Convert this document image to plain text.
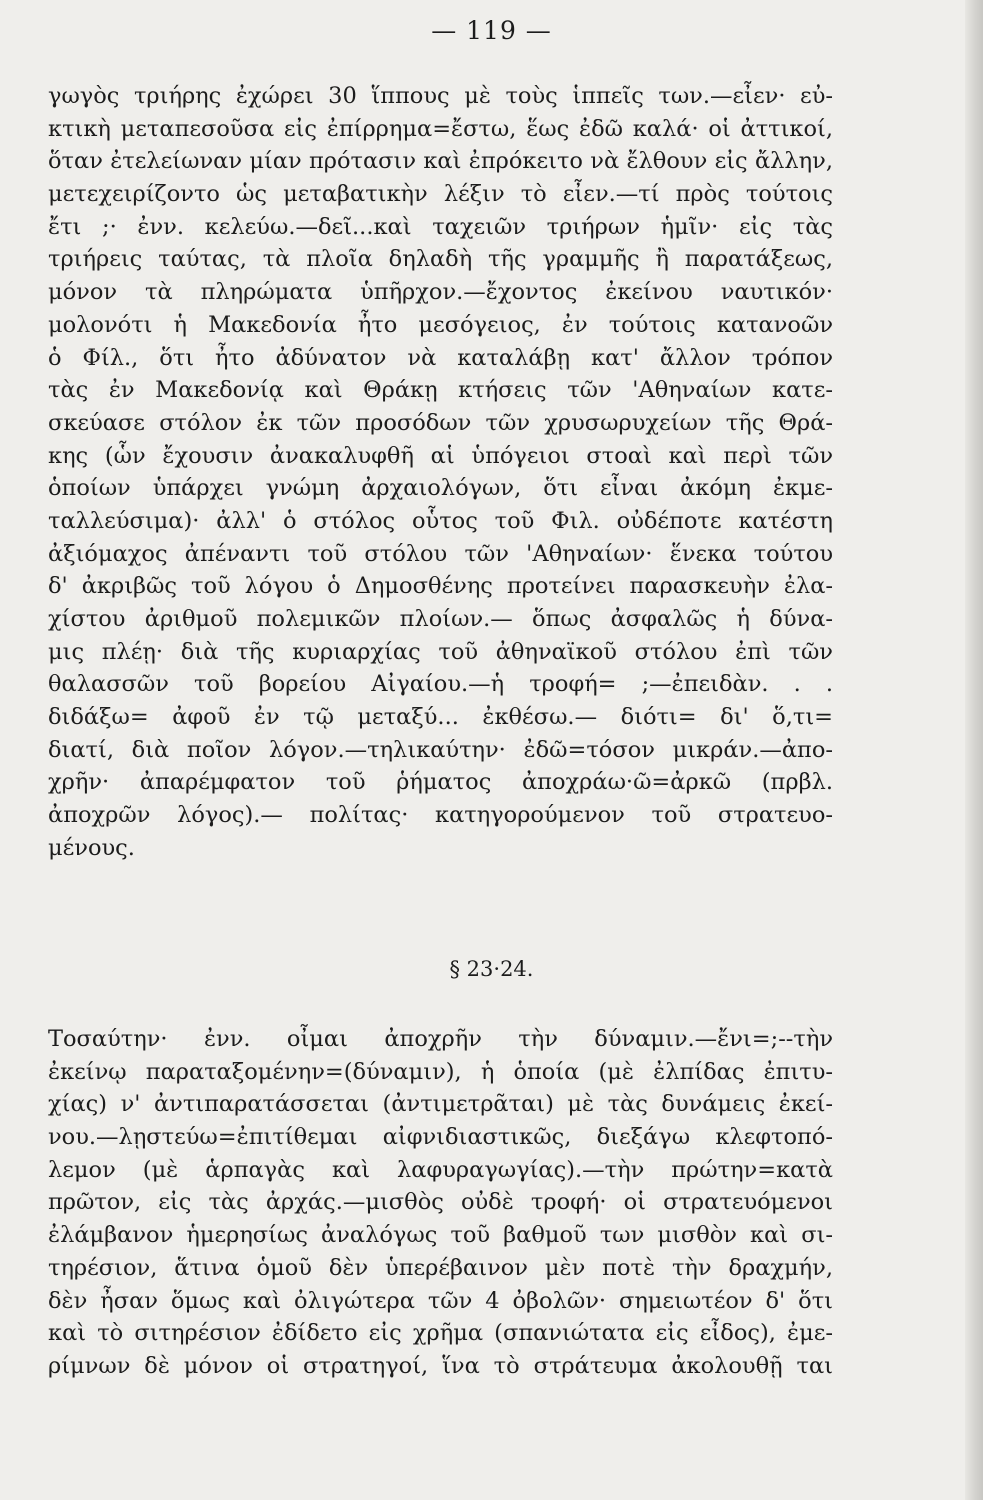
— 119 —
γωγὸς τριήρης ἐχώρει 30 ἵππους μὲ τοὺς ἱππεῖς των.—εἶεν· εὐ-
κτικὴ μεταπεσοῦσα εἰς ἐπίρρημα=ἔστω, ἕως ἐδῶ καλά· οἱ ἀττικοί,
ὅταν ἐτελείωναν μίαν πρότασιν καὶ ἐπρόκειτο νὰ ἔλθουν εἰς ἄλλην,
μετεχειρίζοντο ὡς μεταβατικὴν λέξιν τὸ εἶεν.—τί πρὸς τούτοις
ἔτι ;· ἐνν. κελεύω.—δεῖ...καὶ ταχειῶν τριήρων ἡμῖν· εἰς τὰς
τριήρεις ταύτας, τὰ πλοῖα δηλαδὴ τῆς γραμμῆς ἢ παρατάξεως,
μόνον τὰ πληρώματα ὑπῆρχον.—ἔχοντος ἐκείνου ναυτικόν·
μολονότι ἡ Μακεδονία ἦτο μεσόγειος, ἐν τούτοις κατανοῶν
ὁ Φίλ., ὅτι ἦτο ἀδύνατον νὰ καταλάβῃ κατ' ἄλλον τρόπον
τὰς ἐν Μακεδονίᾳ καὶ Θράκῃ κτήσεις τῶν 'Αθηναίων κατε-
σκεύασε στόλον ἐκ τῶν προσόδων τῶν χρυσωρυχείων τῆς Θρά-
κης (ὧν ἔχουσιν ἀνακαλυφθῆ αἱ ὑπόγειοι στοαὶ καὶ περὶ τῶν
ὁποίων ὑπάρχει γνώμη ἀρχαιολόγων, ὅτι εἶναι ἀκόμη ἐκμε-
ταλλεύσιμα)· ἀλλ' ὁ στόλος οὗτος τοῦ Φιλ. οὐδέποτε κατέστη
ἀξιόμαχος ἀπέναντι τοῦ στόλου τῶν 'Αθηναίων· ἕνεκα τούτου
δ' ἀκριβῶς τοῦ λόγου ὁ Δημοσθένης προτείνει παρασκευὴν ἐλα-
χίστου ἀριθμοῦ πολεμικῶν πλοίων.— ὅπως ἀσφαλῶς ἡ δύνα-
μις πλέῃ· διὰ τῆς κυριαρχίας τοῦ ἀθηναϊκοῦ στόλου ἐπὶ τῶν
θαλασσῶν τοῦ βορείου Αἰγαίου.—ἡ τροφή= ;—ἐπειδὰν. . .
διδάξω= ἀφοῦ ἐν τῷ μεταξύ... ἐκθέσω.— διότι= δι' ὅ,τι=
διατί, διὰ ποῖον λόγον.—τηλικαύτην· ἐδῶ=τόσον μικράν.—ἀπο-
χρῆν· ἀπαρέμφατον τοῦ ῥήματος ἀποχράω·ῶ=ἀρκῶ (πρβλ.
ἀποχρῶν λόγος).— πολίτας· κατηγορούμενον τοῦ στρατευο-
μένους.
§ 23·24.
Τοσαύτην· ἐνν. οἶμαι ἀποχρῆν τὴν δύναμιν.—ἔνι=;--τὴν
ἐκείνῳ παραταξομένην=(δύναμιν), ἡ ὁποία (μὲ ἐλπίδας ἐπιτυ-
χίας) ν' ἀντιπαρατάσσεται (ἀντιμετρᾶται) μὲ τὰς δυνάμεις ἐκεί-
νου.—λῃστεύω=ἐπιτίθεμαι αἰφνιδιαστικῶς, διεξάγω κλεφτοπό-
λεμον (μὲ ἁρπαγὰς καὶ λαφυραγωγίας).—τὴν πρώτην=κατὰ
πρῶτον, εἰς τὰς ἀρχάς.—μισθὸς οὐδὲ τροφή· οἱ στρατευόμενοι
ἐλάμβανον ἡμερησίως ἀναλόγως τοῦ βαθμοῦ των μισθὸν καὶ σι-
τηρέσιον, ἅτινα ὁμοῦ δὲν ὑπερέβαινον μὲν ποτὲ τὴν δραχμήν,
δὲν ἦσαν ὅμως καὶ ὀλιγώτερα τῶν 4 ὀβολῶν· σημειωτέον δ' ὅτι
καὶ τὸ σιτηρέσιον ἐδίδετο εἰς χρῆμα (σπανιώτατα εἰς εἶδος), ἐμε-
ρίμνων δὲ μόνον οἱ στρατηγοί, ἵνα τὸ στράτευμα ἀκολουθῇ ται
